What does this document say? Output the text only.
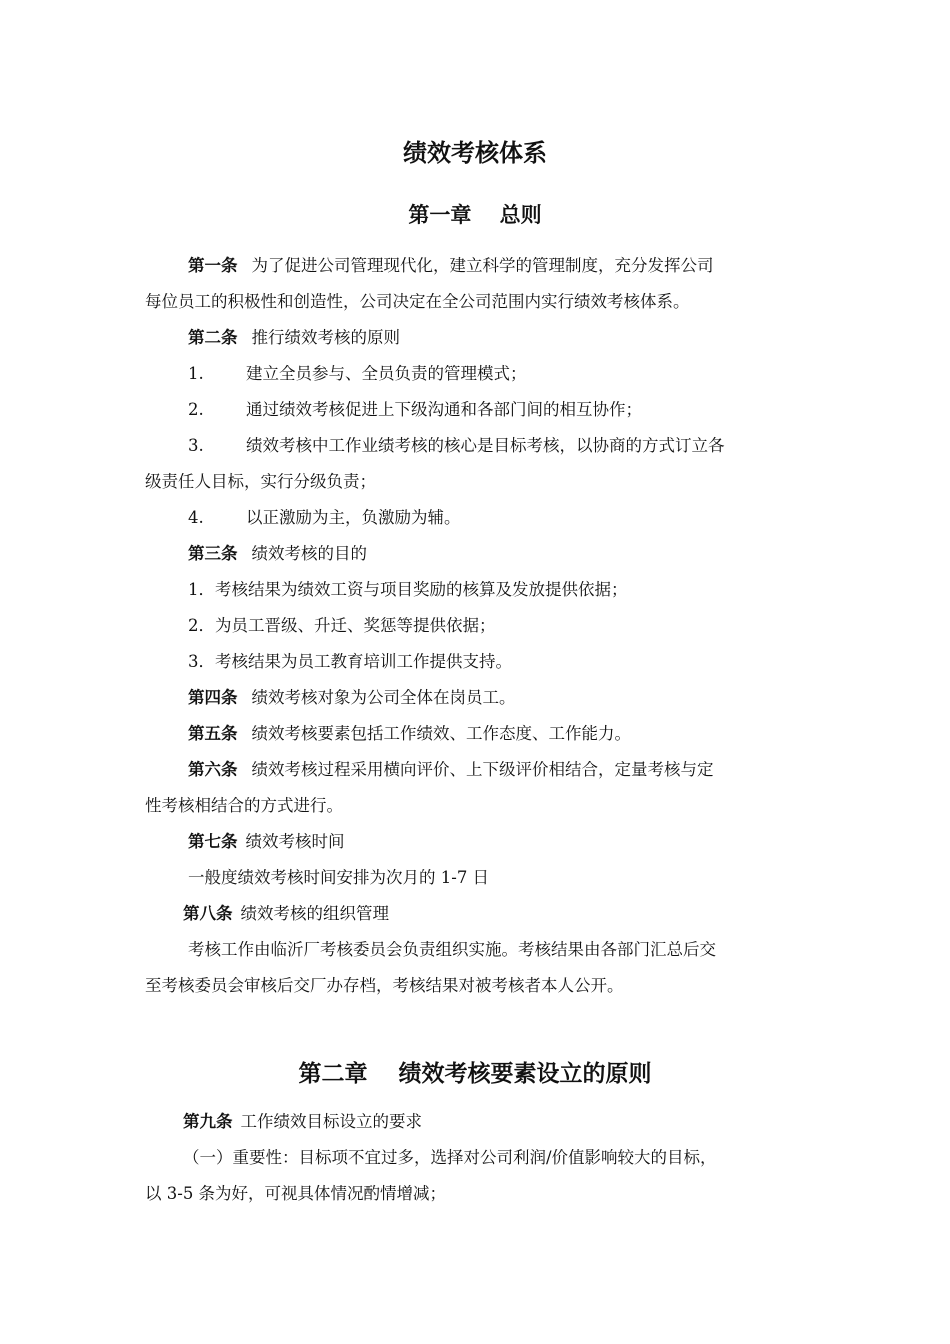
绩效考核体系
第一章　 总则
第一条 为了促进公司管理现代化，建立科学的管理制度，充分发挥公司
每位员工的积极性和创造性，公司决定在全公司范围内实行绩效考核体系。
第二条 推行绩效考核的原则
1.	建立全员参与、全员负责的管理模式；
2.	通过绩效考核促进上下级沟通和各部门间的相互协作；
3.	绩效考核中工作业绩考核的核心是目标考核，以协商的方式订立各
级责任人目标，实行分级负责；
4.	以正激励为主，负激励为辅。
第三条 绩效考核的目的
1．考核结果为绩效工资与项目奖励的核算及发放提供依据；
2．为员工晋级、升迁、奖惩等提供依据；
3．考核结果为员工教育培训工作提供支持。
第四条 绩效考核对象为公司全体在岗员工。
第五条 绩效考核要素包括工作绩效、工作态度、工作能力。
第六条 绩效考核过程采用横向评价、上下级评价相结合，定量考核与定
性考核相结合的方式进行。
第七条 绩效考核时间
一般度绩效考核时间安排为次月的 1-7 日
第八条 绩效考核的组织管理
考核工作由临沂厂考核委员会负责组织实施。考核结果由各部门汇总后交
至考核委员会审核后交厂办存档，考核结果对被考核者本人公开。
第二章　 绩效考核要素设立的原则
第九条 工作绩效目标设立的要求
（一）重要性：目标项不宜过多，选择对公司利润/价值影响较大的目标，
以 3-5 条为好，可视具体情况酌情增减；
